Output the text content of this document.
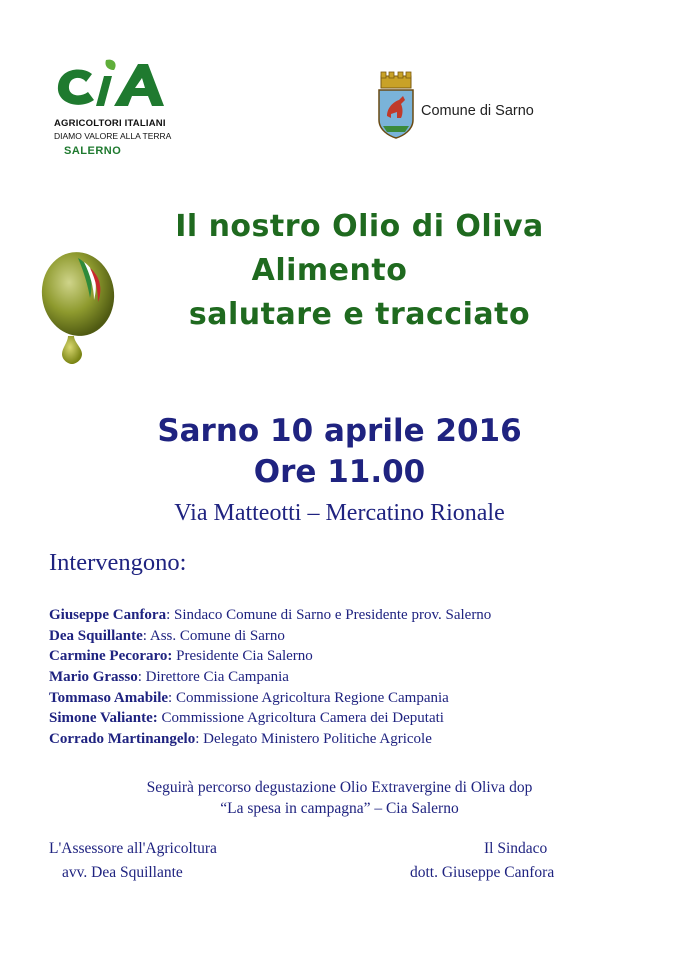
AGRICOLTORI ITALIANI
DIAMO VALORE ALLA TERRA
SALERNO
Comune di Sarno
Il nostro Olio di Oliva
Alimento
salutare e tracciato
Sarno 10 aprile 2016
Ore 11.00
Via Matteotti – Mercatino Rionale
Intervengono:
Giuseppe Canfora: Sindaco Comune di Sarno e Presidente prov. Salerno
Dea Squillante: Ass. Comune di Sarno
Carmine Pecoraro: Presidente Cia Salerno
Mario Grasso: Direttore Cia Campania
Tommaso Amabile: Commissione Agricoltura Regione Campania
Simone Valiante: Commissione Agricoltura Camera dei Deputati
Corrado Martinangelo: Delegato Ministero Politiche Agricole
Seguirà percorso degustazione Olio Extravergine di Oliva dop
“La spesa in campagna” – Cia Salerno
L'Assessore all'Agricoltura
avv. Dea Squillante
Il Sindaco
dott. Giuseppe Canfora
